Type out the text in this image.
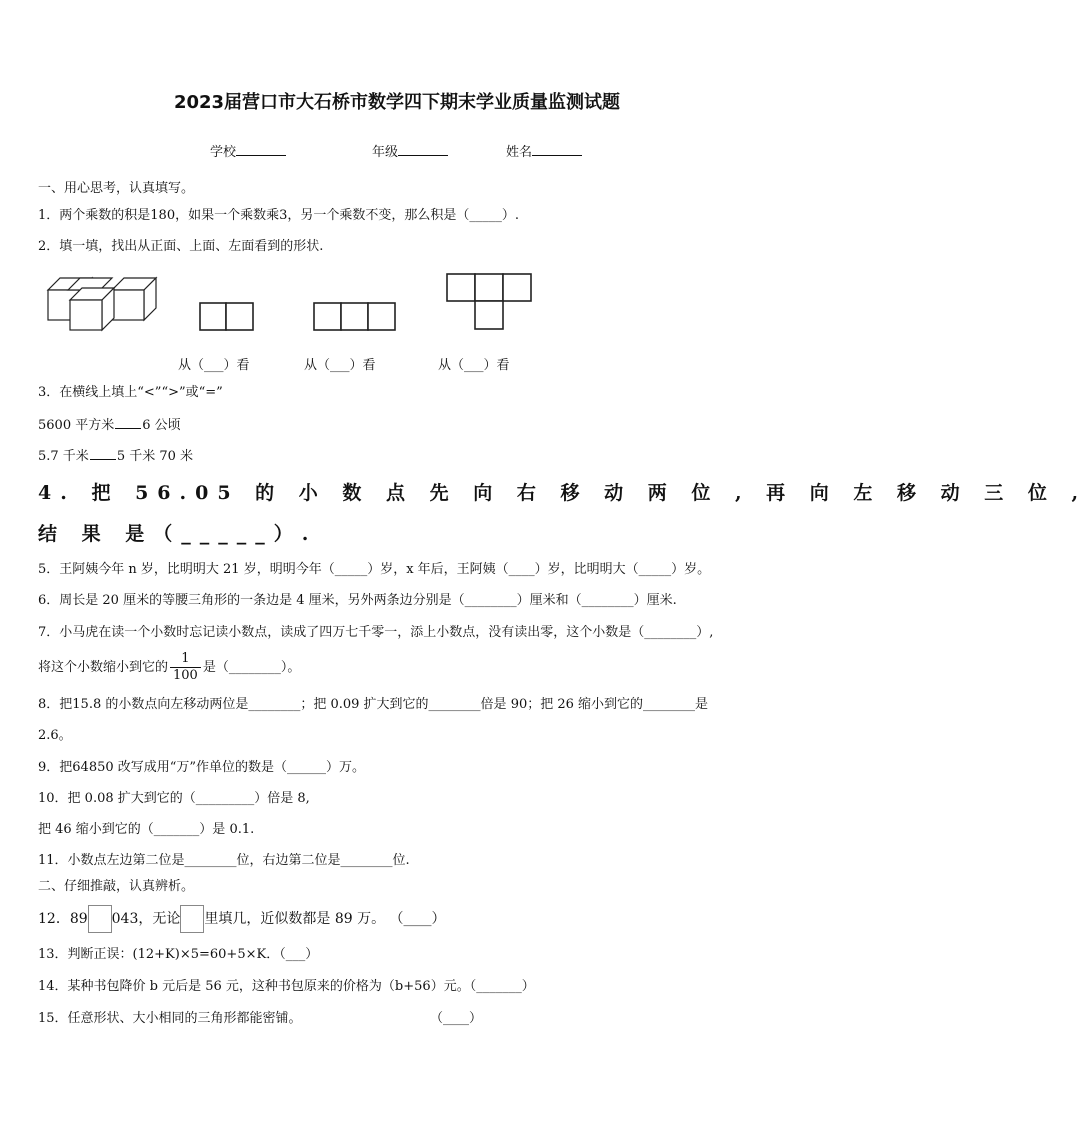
2023届营口市大石桥市数学四下期末学业质量监测试题
学校	年级	姓名
一、用心思考，认真填写。
1．两个乘数的积是180，如果一个乘数乘3，另一个乘数不变，那么积是（_____）.
2．填一填，找出从正面、上面、左面看到的形状.
从（___）看	从（___）看	从（___）看
3．在横线上填上“<”“>”或“=”
5600 平方米 6 公顷
5.7 千米 5 千米 70 米
4. 把 56.05 的 小 数 点 先 向 右 移 动 两 位 , 再 向 左 移 动 三 位 ,
结 果 是（_____）.
5．王阿姨今年 n 岁，比明明大 21 岁，明明今年（_____）岁，x 年后，王阿姨（____）岁，比明明大（_____）岁。
6．周长是 20 厘米的等腰三角形的一条边是 4 厘米，另外两条边分别是（________）厘米和（________）厘米.
7．小马虎在读一个小数时忘记读小数点，读成了四万七千零一，添上小数点，没有读出零，这个小数是（________）,
将这个小数缩小到它的 $\frac{1}{100}$ 是（________）。
8．把15.8 的小数点向左移动两位是________；把 0.09 扩大到它的________倍是 90；把 26 缩小到它的________是
2.6。
9．把64850 改写成用“万”作单位的数是（______）万。
10．把 0.08 扩大到它的（_________）倍是 8,
把 46 缩小到它的（_______）是 0.1.
11．小数点左边第二位是________位，右边第二位是________位.
二、仔细推敲，认真辨析。
12．89 043，无论 里填几，近似数都是 89 万。 （____）
13．判断正误：(12+K)×5=60+5×K．（___）
14．某种书包降价 b 元后是 56 元，这种书包原来的价格为（b+56）元。（_______）
15．任意形状、大小相同的三角形都能密铺。	（____）
